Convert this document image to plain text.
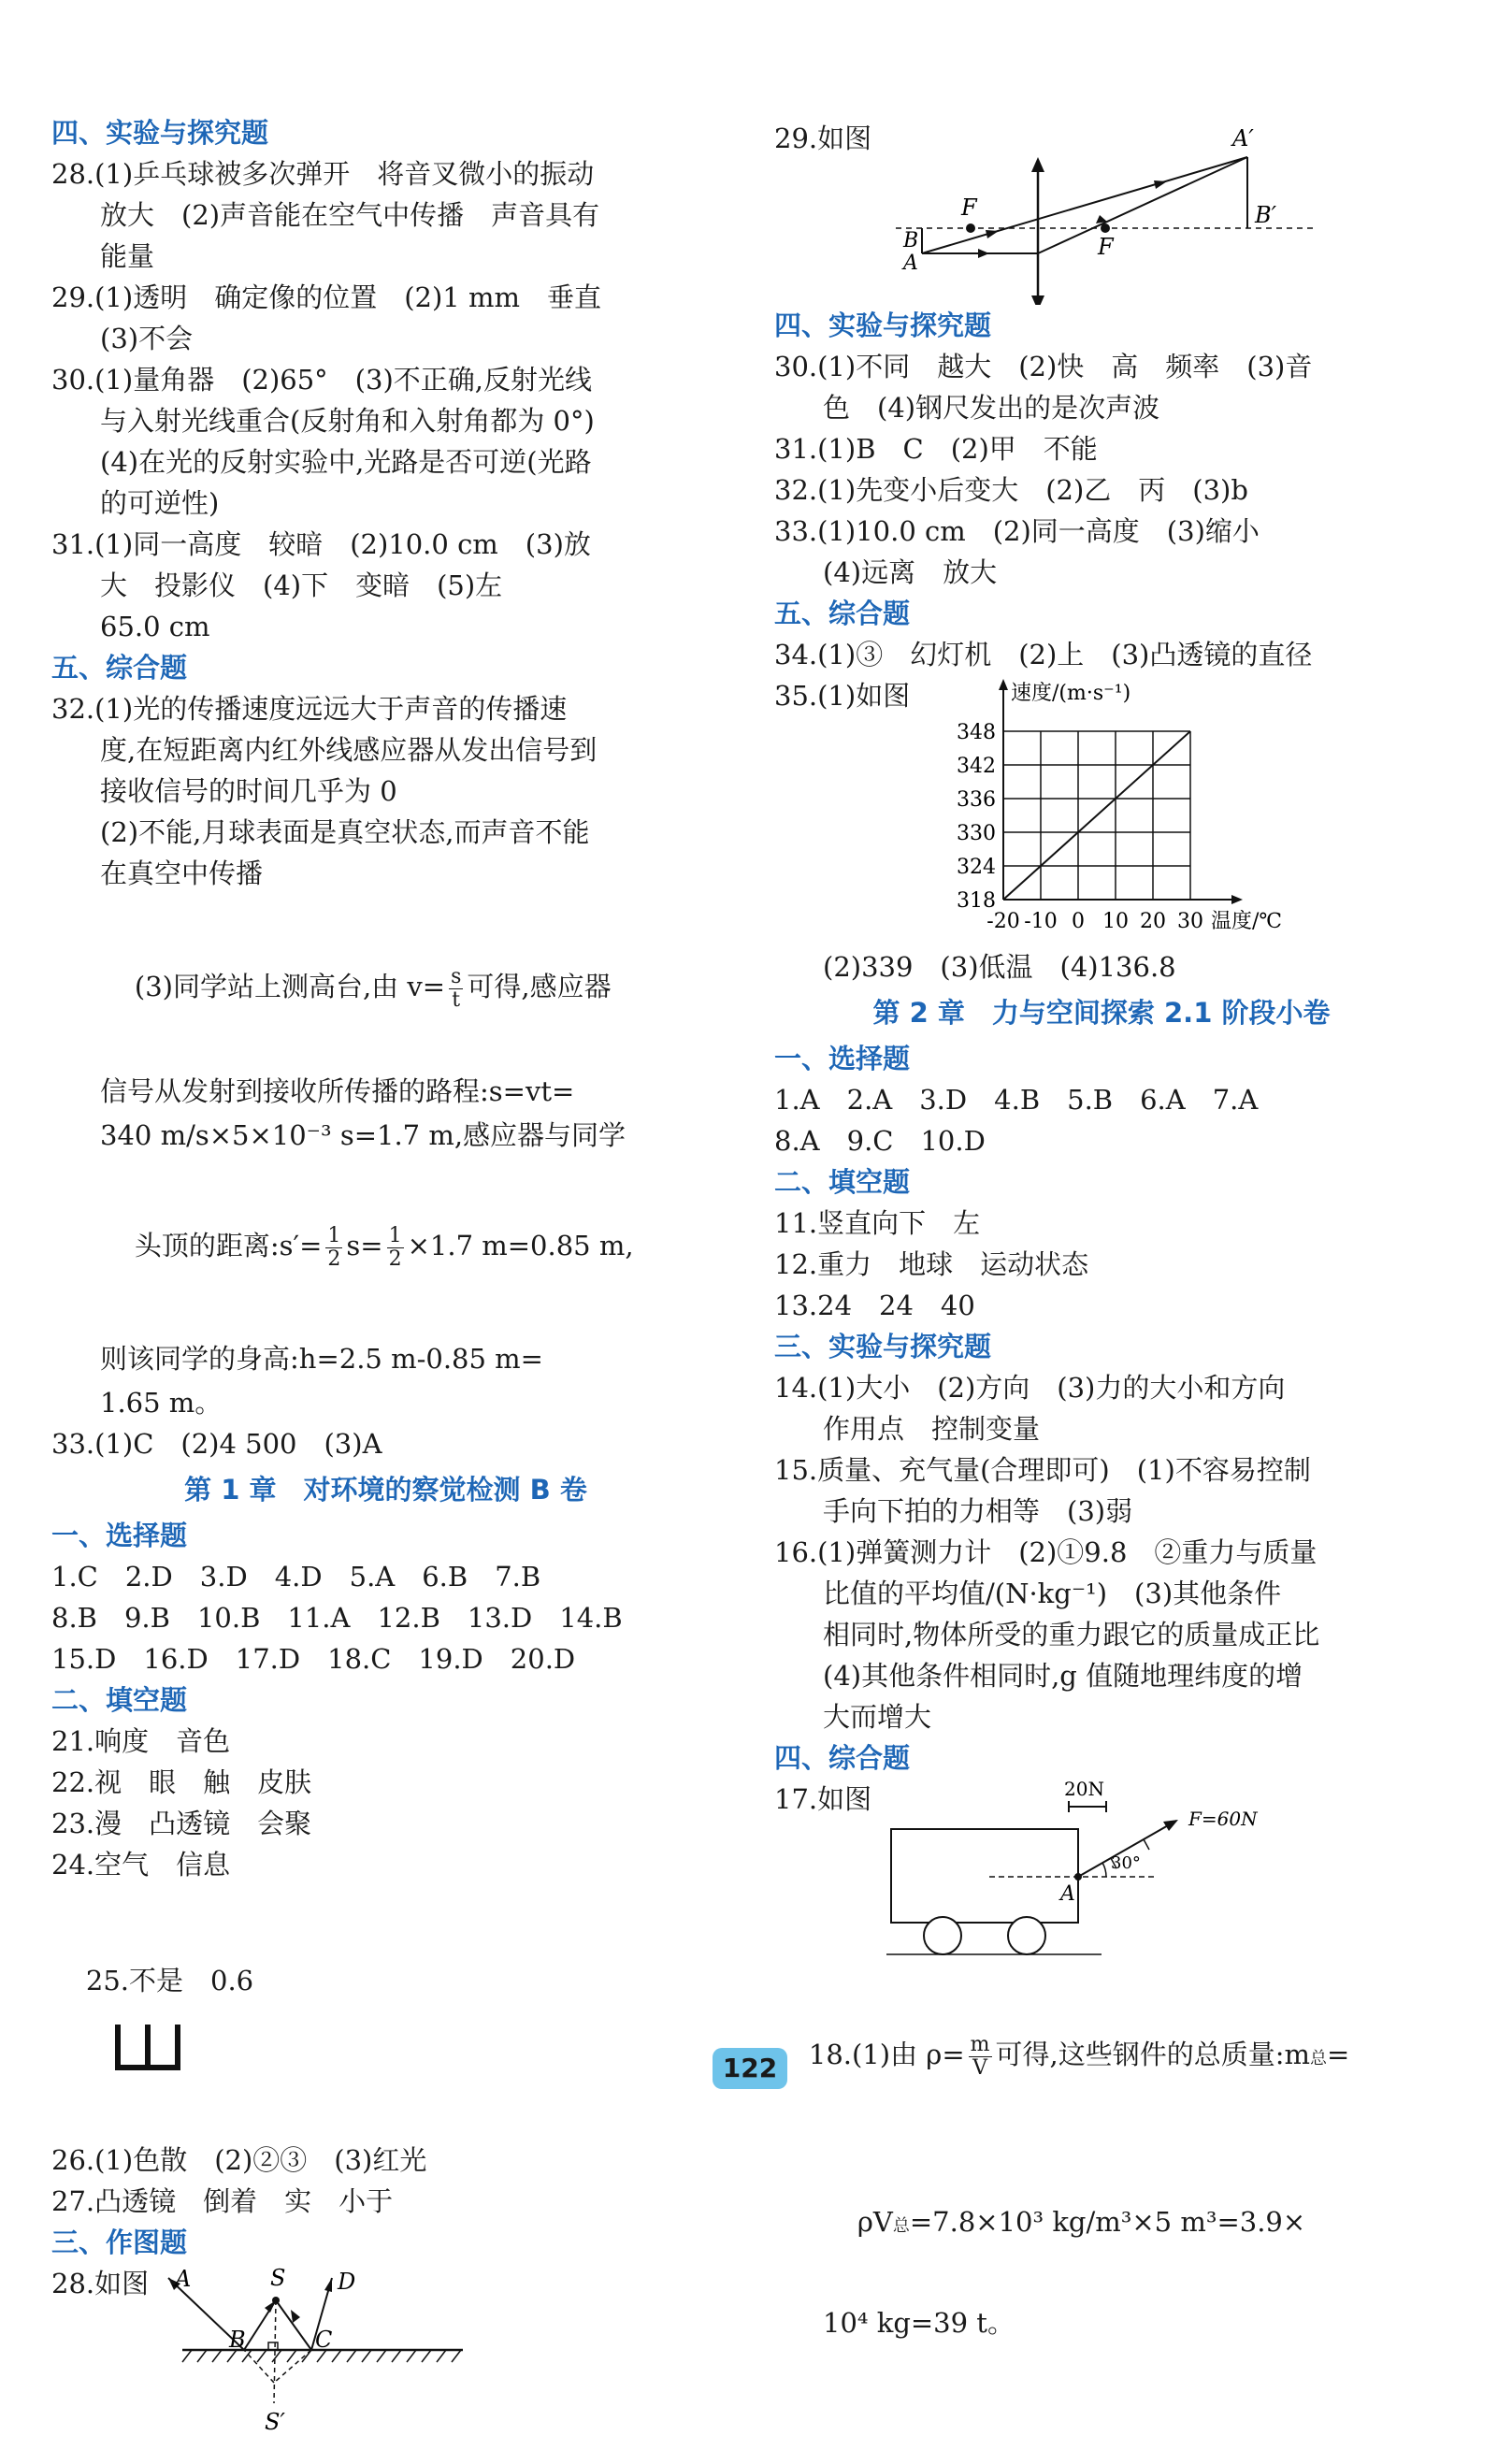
四、实验与探究题
28.(1)乒乓球被多次弹开　将音叉微小的振动
放大　(2)声音能在空气中传播　声音具有
能量
29.(1)透明　确定像的位置　(2)1 mm　垂直
(3)不会
30.(1)量角器　(2)65°　(3)不正确,反射光线
与入射光线重合(反射角和入射角都为 0°)
(4)在光的反射实验中,光路是否可逆(光路
的可逆性)
31.(1)同一高度　较暗　(2)10.0 cm　(3)放
大　投影仪　(4)下　变暗　(5)左
65.0 cm
五、综合题
32.(1)光的传播速度远远大于声音的传播速
度,在短距离内红外线感应器从发出信号到
接收信号的时间几乎为 0
(2)不能,月球表面是真空状态,而声音不能
在真空中传播

(3)同学站上测高台,由 $v= \frac{s}{t}$ 可得,感应器

信号从发射到接收所传播的路程:s=vt=
340 m/s×5×10⁻³ s=1.7 m,感应器与同学

头顶的距离:s′= $\frac{1}{2} s= \frac{1}{2} \times 1.7$ m=0.85 m,

则该同学的身高:h=2.5 m-0.85 m=
1.65 m。
33.(1)C　(2)4 500　(3)A
第 1 章　对环境的察觉检测 B 卷
一、选择题
1.C　2.D　3.D　4.D　5.A　6.B　7.B
8.B　9.B　10.B　11.A　12.B　13.D　14.B
15.D　16.D　17.D　18.C　19.D　20.D
二、填空题
21.响度　音色
22.视　眼　触　皮肤
23.漫　凸透镜　会聚
24.空气　信息

25.不是　0.6

26.(1)色散　(2)②③　(3)红光
27.凸透镜　倒着　实　小于
三、作图题
28.如图 A	S D
B	C
S′
29.如图	A′
B′
F
F
B
A
四、实验与探究题
30.(1)不同　越大　(2)快　高　频率　(3)音
色　(4)钢尺发出的是次声波
31.(1)B　C　(2)甲　不能
32.(1)先变小后变大　(2)乙　丙　(3)b
33.(1)10.0 cm　(2)同一高度　(3)缩小
(4)远离　放大
五、综合题
34.(1)③　幻灯机　(2)上　(3)凸透镜的直径
35.(1)如图
318
324
330
336
342
348
-20 -10 0 10 20 30
速度/(m·s⁻¹)
温度/℃
(2)339　(3)低温　(4)136.8
第 2 章　力与空间探索 2.1 阶段小卷
一、选择题
1.A　2.A　3.D　4.B　5.B　6.A　7.A
8.A　9.C　10.D
二、填空题
11.竖直向下　左
12.重力　地球　运动状态
13.24　24　40
三、实验与探究题
14.(1)大小　(2)方向　(3)力的大小和方向
作用点　控制变量
15.质量、充气量(合理即可)　(1)不容易控制
手向下拍的力相等　(3)弱
16.(1)弹簧测力计　(2)①9.8　②重力与质量
比值的平均值/(N·kg⁻¹)　(3)其他条件
相同时,物体所受的重力跟它的质量成正比
(4)其他条件相同时,g 值随地理纬度的增
大而增大
四、综合题
17.如图	20N
30°
F=60N
A

18.(1)由 $\rho= \frac{m}{V}$ 可得,这些钢件的总质量:m总=

ρV总=7.8×10³ kg/m³×5 m³=3.9×

10⁴ kg=39 t。
122
